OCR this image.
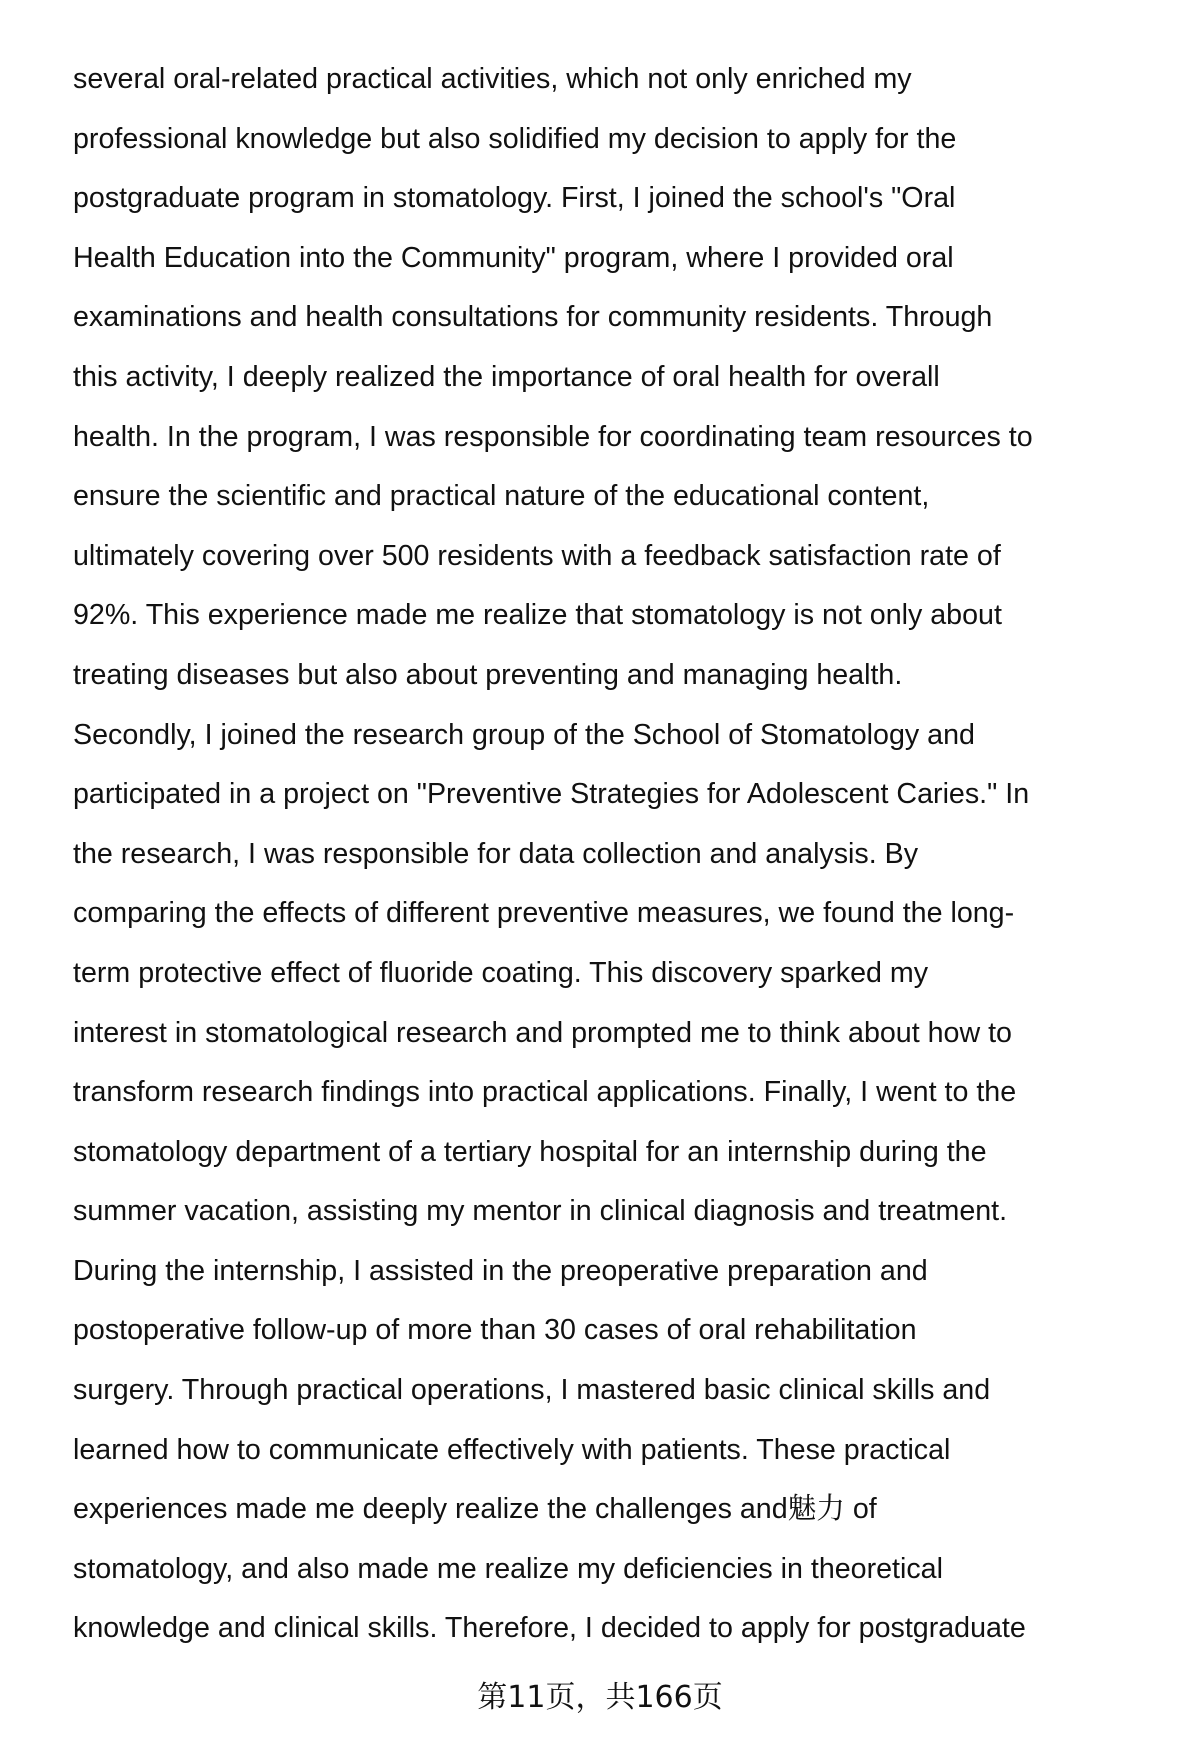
several oral-related practical activities, which not only enriched my
professional knowledge but also solidified my decision to apply for the
postgraduate program in stomatology. First, I joined the school's "Oral
Health Education into the Community" program, where I provided oral
examinations and health consultations for community residents. Through
this activity, I deeply realized the importance of oral health for overall
health. In the program, I was responsible for coordinating team resources to
ensure the scientific and practical nature of the educational content,
ultimately covering over 500 residents with a feedback satisfaction rate of
92%. This experience made me realize that stomatology is not only about
treating diseases but also about preventing and managing health.
Secondly, I joined the research group of the School of Stomatology and
participated in a project on "Preventive Strategies for Adolescent Caries." In
the research, I was responsible for data collection and analysis. By
comparing the effects of different preventive measures, we found the long-
term protective effect of fluoride coating. This discovery sparked my
interest in stomatological research and prompted me to think about how to
transform research findings into practical applications. Finally, I went to the
stomatology department of a tertiary hospital for an internship during the
summer vacation, assisting my mentor in clinical diagnosis and treatment.
During the internship, I assisted in the preoperative preparation and
postoperative follow-up of more than 30 cases of oral rehabilitation
surgery. Through practical operations, I mastered basic clinical skills and
learned how to communicate effectively with patients. These practical
experiences made me deeply realize the challenges and魅力 of
stomatology, and also made me realize my deficiencies in theoretical
knowledge and clinical skills. Therefore, I decided to apply for postgraduate
第11页，共166页
